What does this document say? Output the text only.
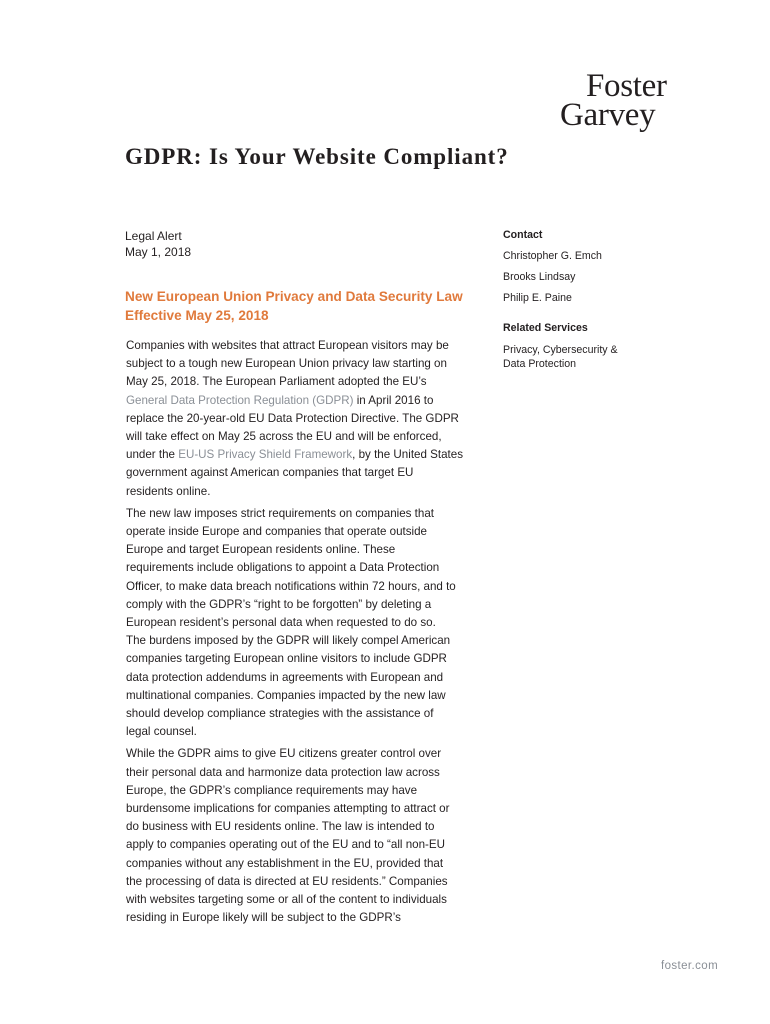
Foster
Garvey
GDPR: Is Your Website Compliant?
Legal Alert
May 1, 2018
New European Union Privacy and Data Security Law Effective May 25, 2018

Companies with websites that attract European visitors may be
subject to a tough new European Union privacy law starting on
May 25, 2018. The European Parliament adopted the EU’s
General Data Protection Regulation (GDPR) in April 2016 to
replace the 20-year-old EU Data Protection Directive. The GDPR
will take effect on May 25 across the EU and will be enforced,
under the EU-US Privacy Shield Framework, by the United States
government against American companies that target EU
residents online.

The new law imposes strict requirements on companies that
operate inside Europe and companies that operate outside
Europe and target European residents online. These
requirements include obligations to appoint a Data Protection
Officer, to make data breach notifications within 72 hours, and to
comply with the GDPR’s “right to be forgotten” by deleting a
European resident’s personal data when requested to do so.
The burdens imposed by the GDPR will likely compel American
companies targeting European online visitors to include GDPR
data protection addendums in agreements with European and
multinational companies. Companies impacted by the new law
should develop compliance strategies with the assistance of
legal counsel.

While the GDPR aims to give EU citizens greater control over
their personal data and harmonize data protection law across
Europe, the GDPR’s compliance requirements may have
burdensome implications for companies attempting to attract or
do business with EU residents online. The law is intended to
apply to companies operating out of the EU and to “all non-EU
companies without any establishment in the EU, provided that
the processing of data is directed at EU residents.” Companies
with websites targeting some or all of the content to individuals
residing in Europe likely will be subject to the GDPR’s

Contact

Christopher G. Emch

Brooks Lindsay

Philip E. Paine

Related Services

Privacy, Cybersecurity &

Data Protection

foster.com
